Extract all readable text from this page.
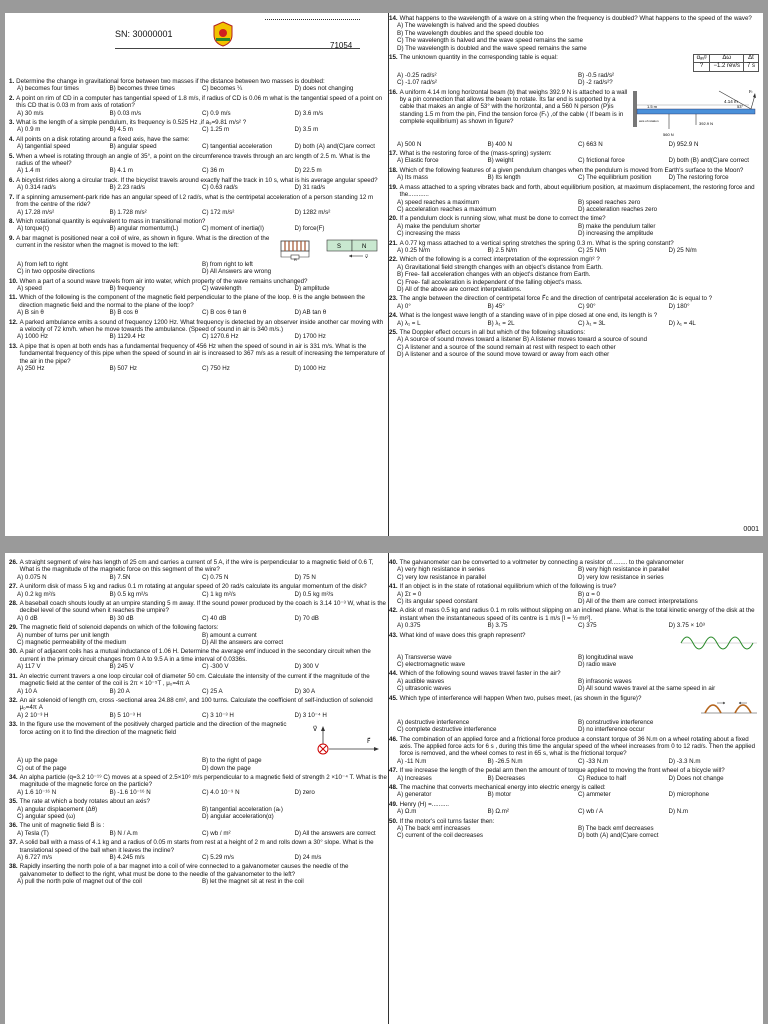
SN: 30000001
71054
1. Determine the change in gravitational force between two masses if the distance between two masses is doubled:
A) becomes four times	B) becomes three times	C) becomes ¼	D) does not changing
2. A point on rim of CD in a computer has tangential speed of 1.8 m/s, if radius of CD is 0.06 m what is the tangential speed of a point on this CD that is 0.03 m from axis of rotation?
A) 30 m/s	B) 0.03 m/s	C) 0.9 m/s	D) 3.6 m/s
3. What is the length of a simple pendulum, its frequency is 0.525 Hz ,if a₉=9.81 m/s² ?
A) 0.9 m	B) 4.5 m	C) 1.25 m	D) 3.5 m
4. All points on a disk rotating around a fixed axis, have the same:
A) tangential speed	B) angular speed	C) tangential acceleration	D) both (A) and(C)are correct
5. When a wheel is rotating through an angle of 35°, a point on the circumference travels through an arc length of 2.5 m. What is the radius of the wheel?
A) 1.4 m	B) 4.1 m	C) 36 m	D) 22.5 m
6. A bicyclist rides along a circular track. If the bicyclist travels around exactly half the track in 10 s, what is his average angular speed?
A) 0.314 rad/s	B) 2.23 rad/s	C) 0.63 rad/s	D) 31 rad/s
7. If a spinning amusement-park ride has an angular speed of l.2 rad/s, what is the centripetal acceleration of a person standing 12 m from the centre of the ride?
A) 17.28 m/s²	B) 1.728 m/s²	C) 172 m/s²	D) 1282 m/s²
8. Which rotational quantity is equivalent to mass in transitional motion?
A) torque(τ)	B) angular momentum(L)	C) moment of inertia(I)	D) force(F)
9. A bar magnet is positioned near a coil of wire, as shown in figure. What is the direction of the current in the resistor when the magnet is moved to the left:	S	N
R	v⃗
A) from left to right	B) from right to left
C) in two opposite directions	D) All Answers are wrong
10. When a part of a sound wave travels from air into water, which property of the wave remains unchanged?
A) speed	B) frequency	C) wavelength	D) amplitude
11. Which of the following is the component of the magnetic field perpendicular to the plane of the loop. θ is the angle between the direction magnetic field and the normal to the plane of the loop?
A) B sin θ	B) B cos θ	C) B cos θ tan θ	D) AB tan θ
12. A parked ambulance emits a sound of frequency 1200 Hz. What frequency is detected by an observer inside another car moving with a velocity of 72 km/h. when he move towards the ambulance. (Speed of sound in air is 340 m/s.)
A) 1000 Hz	B) 1129.4 Hz	C) 1270.6 Hz	D) 1700 Hz
13. A pipe that is open at both ends has a fundamental frequency of 456 Hz when the speed of sound in air is 331 m/s. What is the fundamental frequency of this pipe when the speed of sound in air is increased to 367 m/s as a result of increasing the temperature of the air in the pipe?
A) 250 Hz	B) 507 Hz	C) 750 Hz	D) 1000 Hz
14. What happens to the wavelength of a wave on a string when the frequency is doubled? What happens to the speed of the wave?
A) The wavelength is halved and the speed doubles
B) The wavelength doubles and the speed double too
C) The wavelength is halved and the wave speed remains the same
D) The wavelength is doubled and the wave speed remains the same
15. The unknown quantity in the corresponding table is equal:	αₐᵥᵍ	Δω	Δt
?	−1.2 rev/s	7 s
A) -0.25 rad/s²	B) -0.5 rad/s²
C) -1.07 rad/s²	D) -2 rad/s²?
16. A uniform 4.14 m long horizontal beam (b) that weighs 392.9 N is attached to a wall by a pin connection that allows the beam to rotate. Its far end is supported by a cable that makes an angle of 53° with the horizontal, and a 560 N person (P)is standing 1.5 m from the pin, Find the tension force (Fₜ) ,of the cable ( If beam is in complete equilibrium) as shown in figure?
4.14 m
1.5 m	53°
Fₜ
392.9 N
560 N
axis of rotation
A) 500 N	B) 400 N	C) 663 N	D) 952.9 N
17. What is the restoring force of the (mass-spring) system:
A) Elastic force	B) weight	C) frictional force	D) both (B) and(C)are correct
18. Which of the following features of a given pendulum changes when the pendulum is moved from Earth's surface to the Moon?
A) Its mass	B) Its length	C) The equilibrium position	D) The restoring force
19. A mass attached to a spring vibrates back and forth, about equilibrium position, at maximum displacement, the restoring force and the............
A) speed reaches a maximum	B) speed reaches zero
C) acceleration reaches a maximum	D) acceleration reaches zero
20. If a pendulum clock is running slow, what must be done to correct the time?
A) make the pendulum shorter	B) make the pendulum taller
C) increasing the mass	D) increasing the amplitude
21. A 0.77 kg mass attached to a vertical spring stretches the spring 0.3 m. What is the spring constant?
A) 0.25 N/m	B) 2.5 N/m	C) 25 N/m	D) 25 N/m
22. Which of the following is a correct interpretation of the expression mg/r² ?
A) Gravitational field strength changes with an object's distance from Earth.
B) Free- fall acceleration changes with an object's distance from Earth.
C) Free- fall acceleration is independent of the falling object's mass.
D) All of the above are correct interpretations.
23. The angle between the direction of centripetal force F⃗c and the direction of centripetal acceleration a⃗c is equal to ?
A) 0°	B) 45°	C) 90°	D) 180°
24. What is the longest wave length of a standing wave of in pipe closed at one end, its length is ?
A) λ₁ = L	B) λ₁ = 2L	C) λ₁ = 3L	D) λ₁ = 4L
25. The Doppler effect occurs in all but which of the following situations:
A) A source of sound moves toward a listener B) A listener moves toward a source of sound
C) A listener and a source of the sound remain at rest with respect to each other
D) A listener and a source of the sound move toward or away from each other
0001
26. A straight segment of wire has length of 25 cm and carries a current of 5 A, if the wire is perpendicular to a magnetic field of 0.6 T, What is the magnitude of the magnetic force on this segment of the wire?
A) 0.075 N	B) 7.5N	C) 0.75 N	D) 75 N
27. A uniform disk of mass 5 kg and radius 0.1 m rotating at angular speed of 20 rad/s calculate its angular momentum of the disk?
A) 0.2 kg m²/s	B) 0.5 kg m²/s	C) 1 kg m²/s	D) 0.5 kg m²/s
28. A baseball coach shouts loudly at an umpire standing 5 m away. If the sound power produced by the coach is 3.14 10⁻³ W, what is the decibel level of the sound when it reaches the umpire?
A) 0 dB	B) 30 dB	C) 40 dB	D) 70 dB
29. The magnetic field of solenoid depends on which of the following factors:
A) number of turns per unit length	B) amount a current
C) magnetic permeability of the medium	D) All the answers are correct
30. A pair of adjacent coils has a mutual inductance of 1.06 H. Determine the average emf induced in the secondary circuit when the current in the primary circuit changes from 0 A to 9.5 A in a time interval of 0.0336s.
A) 117 V	B) 245 V	C) -300 V	D) 300 V
31. An electric current travers a one loop circular coil of diameter 50 cm. Calculate the intensity of the current if the magnitude of the magnetic field at the center of the coil is 2π × 10⁻⁵T , μ₀=4π A
A) 10 A	B) 20 A	C) 25 A	D) 30 A
32. An air solenoid of length cm, cross -sectional area 24.88 cm², and 100 turns. Calculate the coefficient of self-induction of solenoid μ₀=4π A
A) 2 10⁻³ H	B) 5 10⁻³ H	C) 3 10⁻³ H	D) 3 10⁻⁴ H
33. In the figure use the movement of the positively charged particle and the direction of the magnetic force acting on it to find the direction of the magnetic field	V⃗
F⃗
A) up the page	B) to the right of page
C) out of the page	D) down the page
34. An alpha particle (q=3.2 10⁻¹⁹ C) moves at a speed of 2.5×10⁶ m/s perpendicular to a magnetic field of strength 2 ×10⁻⁴ T. What is the magnitude of the magnetic force on the particle?
A) 1.6 10⁻¹⁶ N	B) -1.6 10⁻¹⁶ N	C) 4.0 10⁻⁹ N	D) zero
35. The rate at which a body rotates about an axis?
A) angular displacement (Δθ)	B) tangential acceleration (aₜ)
C) angular speed (ω)	D) angular acceleration(α)
36. The unit of magnetic field B⃗ is :
A) Tesla (T)	B) N / A.m	C) wb / m²	D) All the answers are correct
37. A solid ball with a mass of 4.1 kg and a radius of 0.05 m starts from rest at a height of 2 m and rolls down a 30° slope. What is the translational speed of the ball when it leaves the incline?
A) 6.727 m/s	B) 4.245 m/s	C) 5.29 m/s	D) 24 m/s
38. Rapidly inserting the north pole of a bar magnet into a coil of wire connected to a galvanometer causes the needle of the galvanometer to deflect to the right, what must be done to the needle of the galvanometer to the left?
A) pull the north pole of magnet out of the coil	B) let the magnet sit at rest in the coil
40. The galvanometer can be converted to a voltmeter by connecting a resistor of......... to the galvanometer
A) very high resistance in series	B) very high resistance in parallel
C) very low resistance in parallel	D) very low resistance in series
41. If an object is in the state of rotational equilibrium which of the following is true?
A) Στ = 0	B) α = 0
C) its angular speed constant	D) All of the them are correct interpretations
42. A disk of mass 0.5 kg and radius 0.1 m rolls without slipping on an inclined plane. What is the total kinetic energy of the disk at the instant when the instantaneous speed of its centre is 1 m/s [I = ½ mr²].
A) 0.375	B) 3.75	C) 375	D) 3.75 × 10³
43. What kind of wave does this graph represent?
A) Transverse wave	B) longitudinal wave
C) electromagnetic wave	D) radio wave
44. Which of the following sound waves travel faster in the air?
A) audible waves	B) infrasonic waves
C) ultrasonic waves	D) All sound waves travel at the same speed in air
45. Which type of interference will happen When two, pulses meet, (as shown in the figure)?
A) destructive interference	B) constructive interference
C) complete destructive interference	D) no interference occur
46. The combination of an applied force and a frictional force produce a constant torque of 36 N.m on a wheel rotating about a fixed axis. The applied force acts for 6 s , during this time the angular speed of the wheel increases from 0 to 12 rad/s. Then the applied force is removed, and the wheel comes to rest in 65 s, what is the frictional torque?
A) -11 N.m	B) -26.5 N.m	C) -33 N.m	D) -3.3 N.m
47. If we increase the length of the pedal arm then the amount of torque applied to moving the front wheel of a bicycle will?
A) Increases	B) Decreases	C) Reduce to half	D) Does not change
48. The machine that converts mechanical energy into electric energy is called:
A) generator	B) motor	C) ammeter	D) microphone
49. Henry (H) =..........
A) Ω.m	B) Ω.m²	C) wb / A	D) N.m
50. If the motor's coil turns faster then:
A) The back emf increases	B) The back emf decreases
C) current of the coil decreases	D) both (A) and(C)are correct
